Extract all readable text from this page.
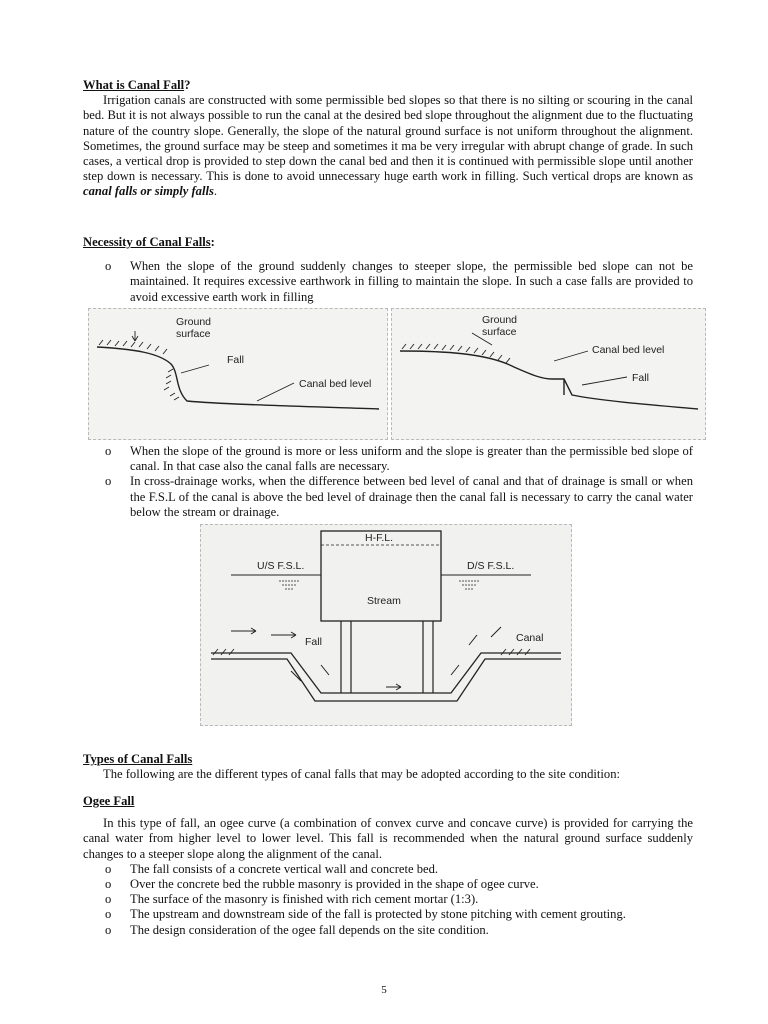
What is Canal Fall?
Irrigation canals are constructed with some permissible bed slopes so that there is no silting or scouring in the canal bed. But it is not always possible to run the canal at the desired bed slope throughout the alignment due to the fluctuating nature of the country slope. Generally, the slope of the natural ground surface is not uniform throughout the alignment. Sometimes, the ground surface may be steep and sometimes it ma be very irregular with abrupt change of grade. In such cases, a vertical drop is provided to step down the canal bed and then it is continued with permissible slope until another step down is necessary. This is done to avoid unnecessary huge earth work in filling. Such vertical drops are known as canal falls or simply falls.
Necessity of Canal Falls:
o When the slope of the ground suddenly changes to steeper slope, the permissible bed slope can not be maintained. It requires excessive earthwork in filling to maintain the slope. In such a case falls are provided to avoid excessive earth work in filling
Ground
surface
Fall
Canal bed level
Ground
surface
Canal bed level
Fall
o When the slope of the ground is more or less uniform and the slope is greater than the permissible bed slope of canal. In that case also the canal falls are necessary.
o In cross-drainage works, when the difference between bed level of canal and that of drainage is small or when the F.S.L of the canal is above the bed level of drainage then the canal fall is necessary to carry the canal water below the stream or drainage.
H-F.L.
U/S F.S.L.	D/S F.S.L.
Stream
Fall	Canal
Types of Canal Falls
The following are the different types of canal falls that may be adopted according to the site condition:
Ogee Fall
In this type of fall, an ogee curve (a combination of convex curve and concave curve) is provided for carrying the canal water from higher level to lower level. This fall is recommended when the natural ground surface suddenly changes to a steeper slope along the alignment of the canal.
o The fall consists of a concrete vertical wall and concrete bed.
o Over the concrete bed the rubble masonry is provided in the shape of ogee curve.
o The surface of the masonry is finished with rich cement mortar (1:3).
o The upstream and downstream side of the fall is protected by stone pitching with cement grouting.
o The design consideration of the ogee fall depends on the site condition.
5
